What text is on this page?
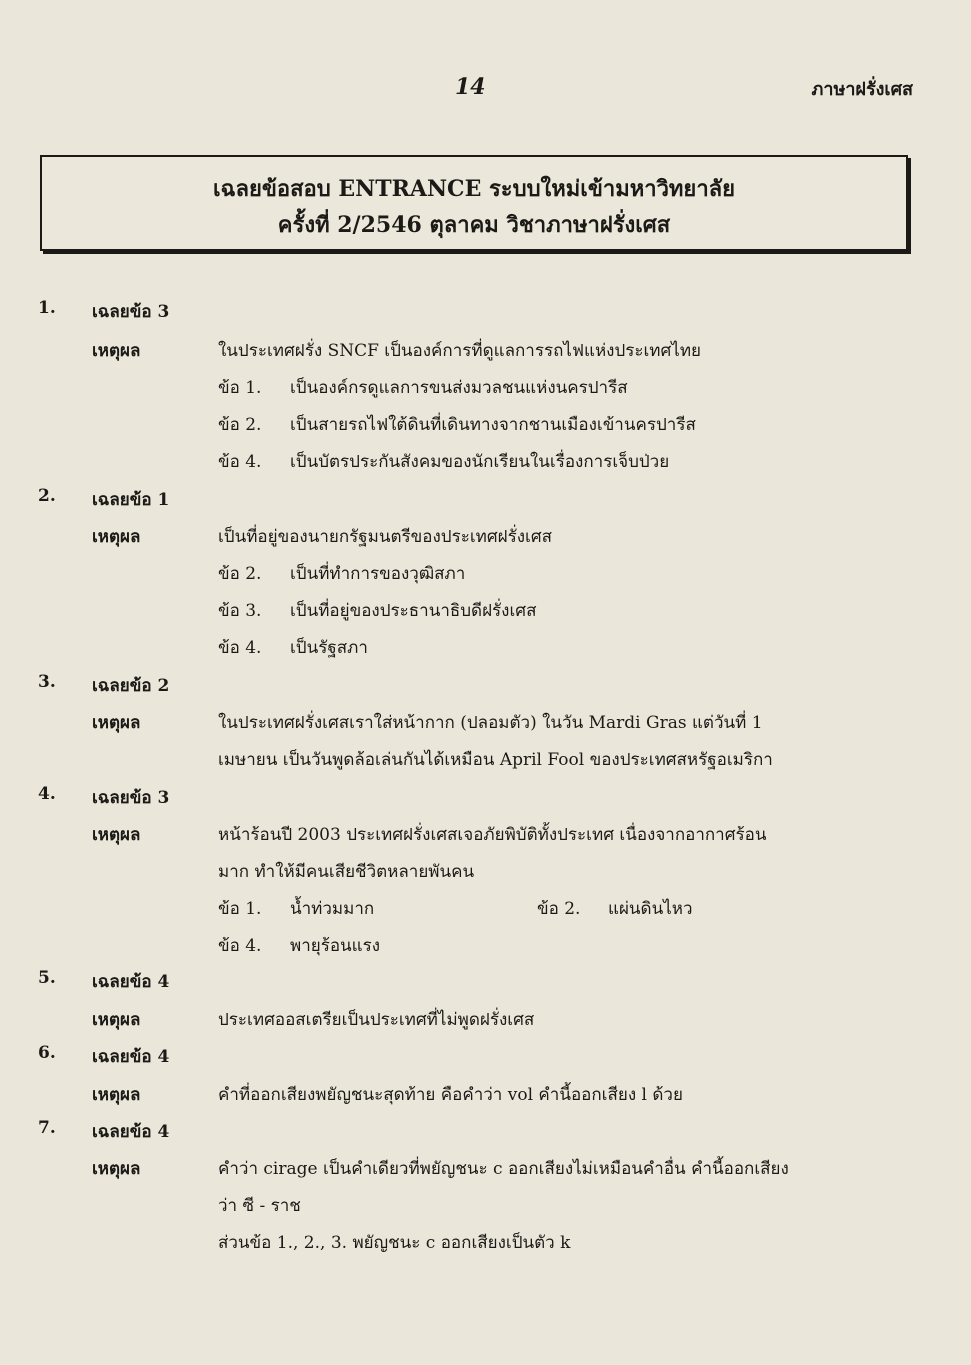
14	ภาษาฝรั่งเศส
เฉลยข้อสอบ ENTRANCE ระบบใหม่เข้ามหาวิทยาลัย
ครั้งที่ 2/2546 ตุลาคม วิชาภาษาฝรั่งเศส
1. เฉลยข้อ 3
เหตุผล	ในประเทศฝรั่ง SNCF เป็นองค์การที่ดูแลการรถไฟแห่งประเทศไทย
ข้อ 1. เป็นองค์กรดูแลการขนส่งมวลชนแห่งนครปารีส
ข้อ 2. เป็นสายรถไฟใต้ดินที่เดินทางจากชานเมืองเข้านครปารีส
ข้อ 4. เป็นบัตรประกันสังคมของนักเรียนในเรื่องการเจ็บป่วย
2. เฉลยข้อ 1
เหตุผล	เป็นที่อยู่ของนายกรัฐมนตรีของประเทศฝรั่งเศส
ข้อ 2. เป็นที่ทำการของวุฒิสภา
ข้อ 3. เป็นที่อยู่ของประธานาธิบดีฝรั่งเศส
ข้อ 4. เป็นรัฐสภา
3. เฉลยข้อ 2
เหตุผล	ในประเทศฝรั่งเศสเราใส่หน้ากาก (ปลอมตัว) ในวัน Mardi Gras แต่วันที่ 1
เมษายน เป็นวันพูดล้อเล่นกันได้เหมือน April Fool ของประเทศสหรัฐอเมริกา
4. เฉลยข้อ 3
เหตุผล	หน้าร้อนปี 2003 ประเทศฝรั่งเศสเจอภัยพิบัติทั้งประเทศ เนื่องจากอากาศร้อน
มาก ทำให้มีคนเสียชีวิตหลายพันคน
ข้อ 1. น้ำท่วมมาก	ข้อ 2. แผ่นดินไหว
ข้อ 4. พายุร้อนแรง
5. เฉลยข้อ 4
เหตุผล	ประเทศออสเตรียเป็นประเทศที่ไม่พูดฝรั่งเศส
6. เฉลยข้อ 4
เหตุผล	คำที่ออกเสียงพยัญชนะสุดท้าย คือคำว่า vol คำนี้ออกเสียง l ด้วย
7. เฉลยข้อ 4
เหตุผล	คำว่า cirage เป็นคำเดียวที่พยัญชนะ c ออกเสียงไม่เหมือนคำอื่น คำนี้ออกเสียง
ว่า ซี - ราช
ส่วนข้อ 1., 2., 3. พยัญชนะ c ออกเสียงเป็นตัว k
